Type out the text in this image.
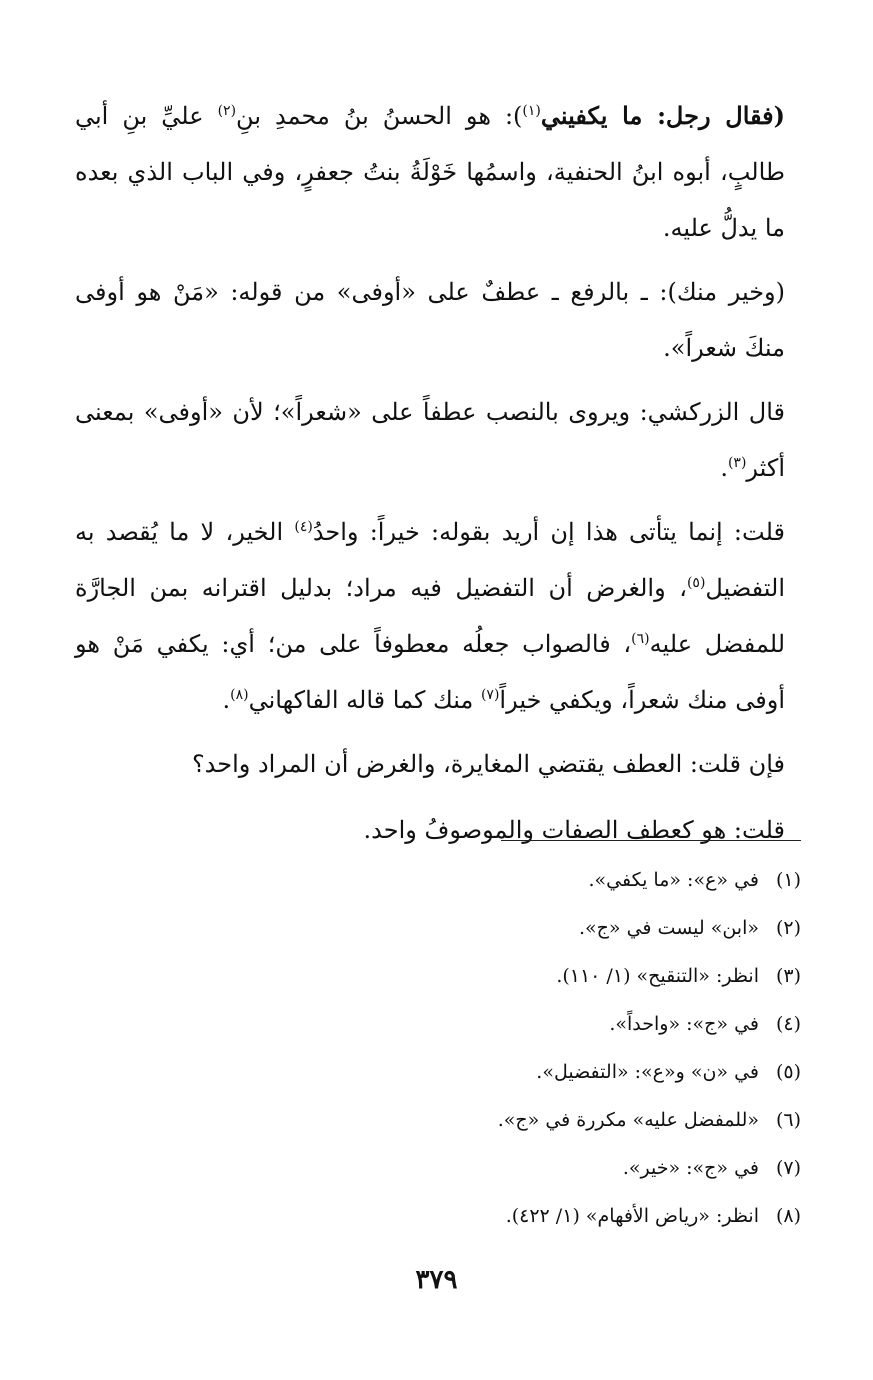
(فقال رجل: ما يكفيني$^{(١)}$): هو الحسنُ بنُ محمدِ بنِ$^{(٢)}$ عليِّ بنِ أبي طالبٍ، أبوه ابنُ الحنفية، واسمُها خَوْلَةُ بنتُ جعفرٍ، وفي الباب الذي بعده ما يدلُّ عليه.

(وخير منك): ـ بالرفع ـ عطفٌ على «أوفى» من قوله: «مَنْ هو أوفى منكَ شعراً».

قال الزركشي: ويروى بالنصب عطفاً على «شعراً»؛ لأن «أوفى» بمعنى أكثر$^{(٣)}$.

قلت: إنما يتأتى هذا إن أريد بقوله: خيراً: واحدُ$^{(٤)}$ الخير، لا ما يُقصد به التفضيل$^{(٥)}$، والغرض أن التفضيل فيه مراد؛ بدليل اقترانه بمن الجارَّة للمفضل عليه$^{(٦)}$، فالصواب جعلُه معطوفاً على من؛ أي: يكفي مَنْ هو أوفى منك شعراً، ويكفي خيراً$^{(٧)}$ منك كما قاله الفاكهاني$^{(٨)}$.

فإن قلت: العطف يقتضي المغايرة، والغرض أن المراد واحد؟

قلت: هو كعطف الصفات والموصوفُ واحد.

(١)في «ع»: «ما يكفي».
(٢)«ابن» ليست في «ج».
(٣)انظر: «التنقيح» (١/ ١١٠).
(٤)في «ج»: «واحداً».
(٥)في «ن» و«ع»: «التفضيل».
(٦)«للمفضل عليه» مكررة في «ج».
(٧)في «ج»: «خير».
(٨)انظر: «رياض الأفهام» (١/ ٤٢٢).
٣٧٩
